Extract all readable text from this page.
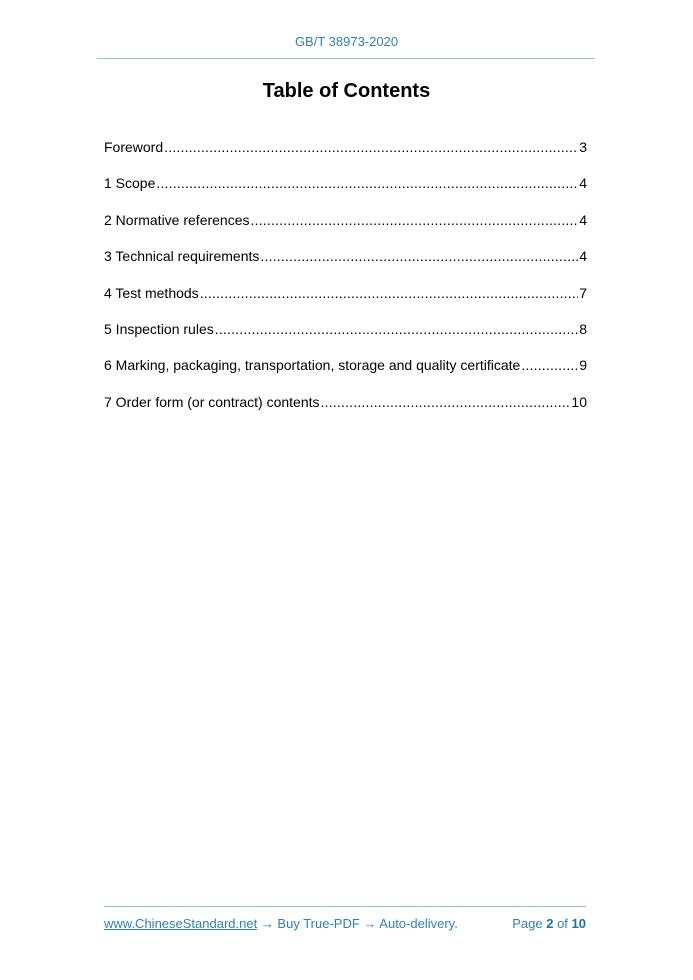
GB/T 38973-2020
Table of Contents
Foreword .....	3
1 Scope .....	4
2 Normative references .....	4
3 Technical requirements .....	4
4 Test methods .....	7
5 Inspection rules .....	8
6 Marking, packaging, transportation, storage and quality certificate .....	9
7 Order form (or contract) contents .....	10
www.ChineseStandard.net → Buy True-PDF → Auto-delivery.	Page 2 of 10
